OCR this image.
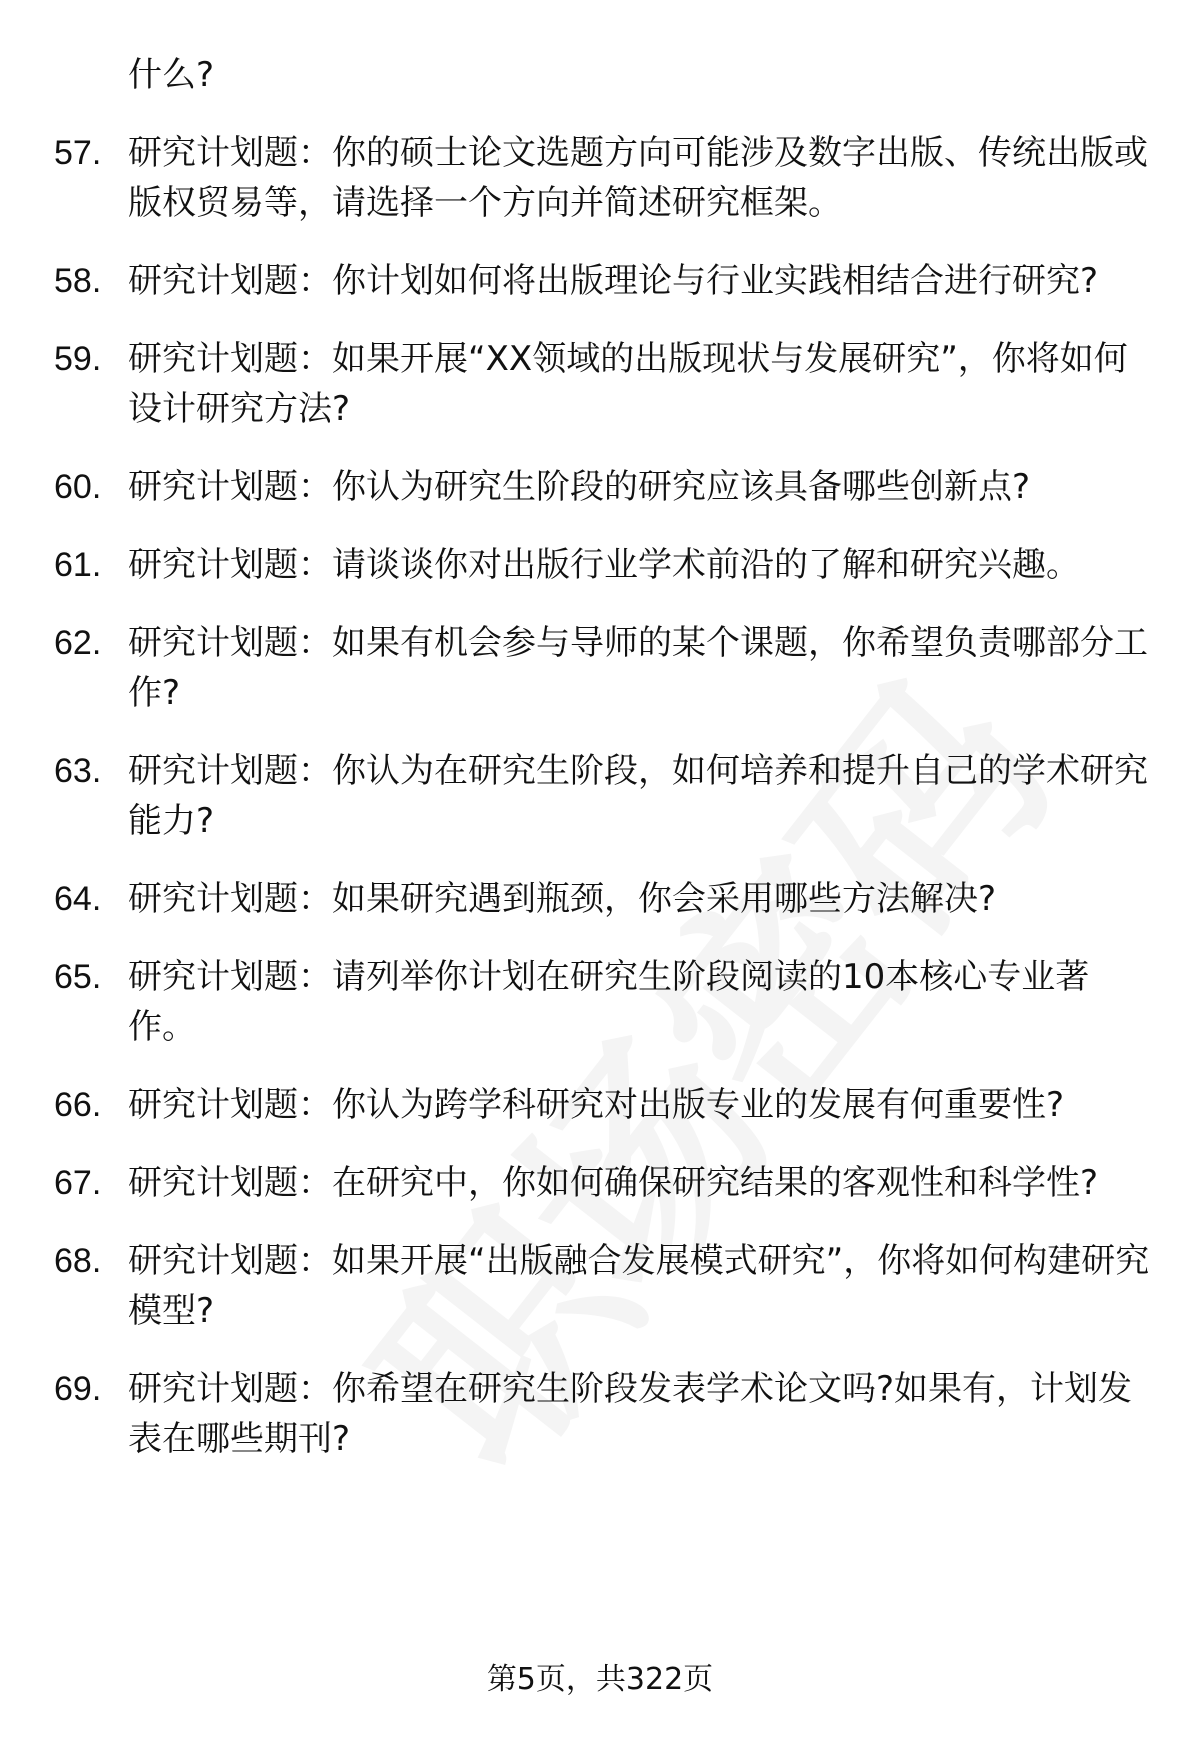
什么?
57. 研究计划题：你的硕士论文选题方向可能涉及数字出版、传统出版或版权贸易等，请选择一个方向并简述研究框架。
58. 研究计划题：你计划如何将出版理论与行业实践相结合进行研究?
59. 研究计划题：如果开展“XX领域的出版现状与发展研究”，你将如何设计研究方法?
60. 研究计划题：你认为研究生阶段的研究应该具备哪些创新点?
61. 研究计划题：请谈谈你对出版行业学术前沿的了解和研究兴趣。
62. 研究计划题：如果有机会参与导师的某个课题，你希望负责哪部分工作?
63. 研究计划题：你认为在研究生阶段，如何培养和提升自己的学术研究能力?
64. 研究计划题：如果研究遇到瓶颈，你会采用哪些方法解决?
65. 研究计划题：请列举你计划在研究生阶段阅读的10本核心专业著作。
66. 研究计划题：你认为跨学科研究对出版专业的发展有何重要性?
67. 研究计划题：在研究中，你如何确保研究结果的客观性和科学性?
68. 研究计划题：如果开展“出版融合发展模式研究”，你将如何构建研究模型?
69. 研究计划题：你希望在研究生阶段发表学术论文吗?如果有，计划发表在哪些期刊?
第5页，共322页
